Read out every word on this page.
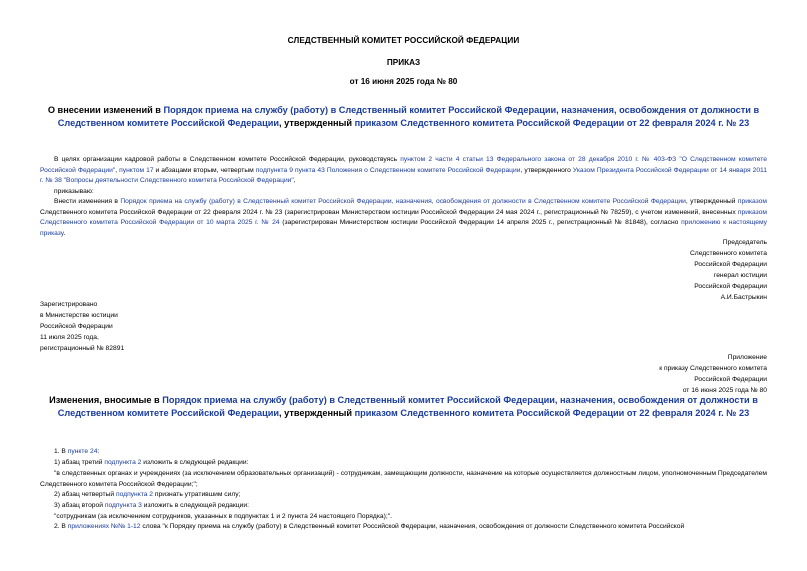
СЛЕДСТВЕННЫЙ КОМИТЕТ РОССИЙСКОЙ ФЕДЕРАЦИИ
ПРИКАЗ
от 16 июня 2025 года № 80
О внесении изменений в Порядок приема на службу (работу) в Следственный комитет Российской Федерации, назначения, освобождения от должности в Следственном комитете Российской Федерации, утвержденный приказом Следственного комитета Российской Федерации от 22 февраля 2024 г. № 23
В целях организации кадровой работы в Следственном комитете Российской Федерации, руководствуясь пунктом 2 части 4 статьи 13 Федерального закона от 28 декабря 2010 г. № 403-ФЗ "О Следственном комитете Российской Федерации", пунктом 17 и абзацами вторым, четвертым подпункта 9 пункта 43 Положения о Следственном комитете Российской Федерации, утвержденного Указом Президента Российской Федерации от 14 января 2011 г. № 38 "Вопросы деятельности Следственного комитета Российской Федерации",
приказываю:
Внести изменения в Порядок приема на службу (работу) в Следственный комитет Российской Федерации, назначения, освобождения от должности в Следственном комитете Российской Федерации, утвержденный приказом Следственного комитета Российской Федерации от 22 февраля 2024 г. № 23 (зарегистрирован Министерством юстиции Российской Федерации 24 мая 2024 г., регистрационный № 78259), с учетом изменений, внесенных приказом Следственного комитета Российской Федерации от 10 марта 2025 г. № 24 (зарегистрирован Министерством юстиции Российской Федерации 14 апреля 2025 г., регистрационный № 81848), согласно приложению к настоящему приказу.
Председатель
Следственного комитета
Российской Федерации
генерал юстиции
Российской Федерации
А.И.Бастрыкин
Зарегистрировано
в Министерстве юстиции
Российской Федерации
11 июля 2025 года,
регистрационный № 82891
Приложение
к приказу Следственного комитета
Российской Федерации
от 16 июня 2025 года № 80
Изменения, вносимые в Порядок приема на службу (работу) в Следственный комитет Российской Федерации, назначения, освобождения от должности в Следственном комитете Российской Федерации, утвержденный приказом Следственного комитета Российской Федерации от 22 февраля 2024 г. № 23
1. В пункте 24:
1) абзац третий подпункта 2 изложить в следующей редакции:
"в следственных органах и учреждениях (за исключением образовательных организаций) - сотрудникам, замещающим должности, назначение на которые осуществляется должностным лицом, уполномоченным Председателем Следственного комитета Российской Федерации;";
2) абзац четвертый подпункта 2 признать утратившим силу;
3) абзац второй подпункта 3 изложить в следующей редакции:
"сотрудникам (за исключением сотрудников, указанных в подпунктах 1 и 2 пункта 24 настоящего Порядка);".
2. В приложениях №№ 1-12 слова "к Порядку приема на службу (работу) в Следственный комитет Российской Федерации, назначения, освобождения от должности Следственного комитета Российской
